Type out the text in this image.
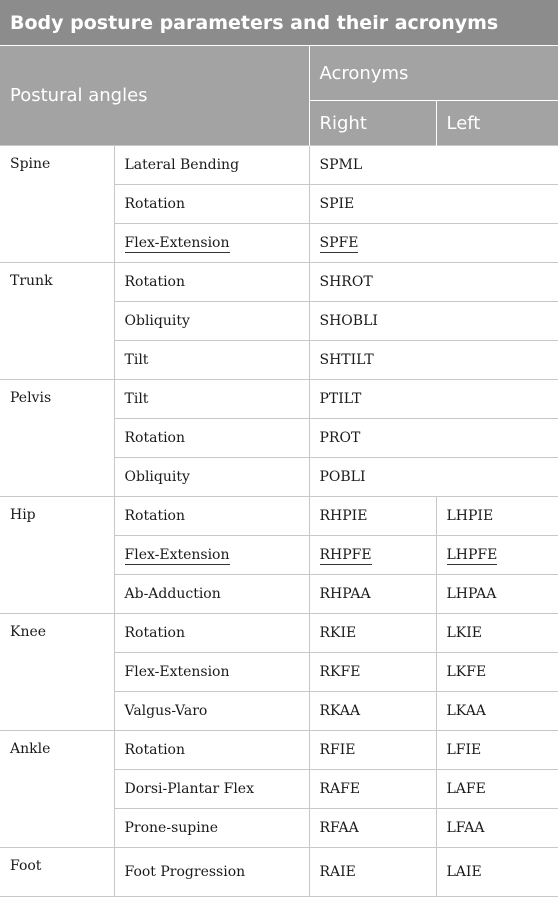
Body posture parameters and their acronyms			
Postural angles		Acronyms	
		Right	Left
Spine	Lateral Bending	SPML	
	Rotation	SPIE	
	Flex-Extension	SPFE	
Trunk	Rotation	SHROT	
	Obliquity	SHOBLI	
	Tilt	SHTILT	
Pelvis	Tilt	PTILT	
	Rotation	PROT	
	Obliquity	POBLI	
Hip	Rotation	RHPIE	LHPIE
	Flex-Extension	RHPFE	LHPFE
	Ab-Adduction	RHPAA	LHPAA
Knee	Rotation	RKIE	LKIE
	Flex-Extension	RKFE	LKFE
	Valgus-Varo	RKAA	LKAA
Ankle	Rotation	RFIE	LFIE
	Dorsi-Plantar Flex	RAFE	LAFE
	Prone-supine	RFAA	LFAA
Foot	Foot Progression	RAIE	LAIE
